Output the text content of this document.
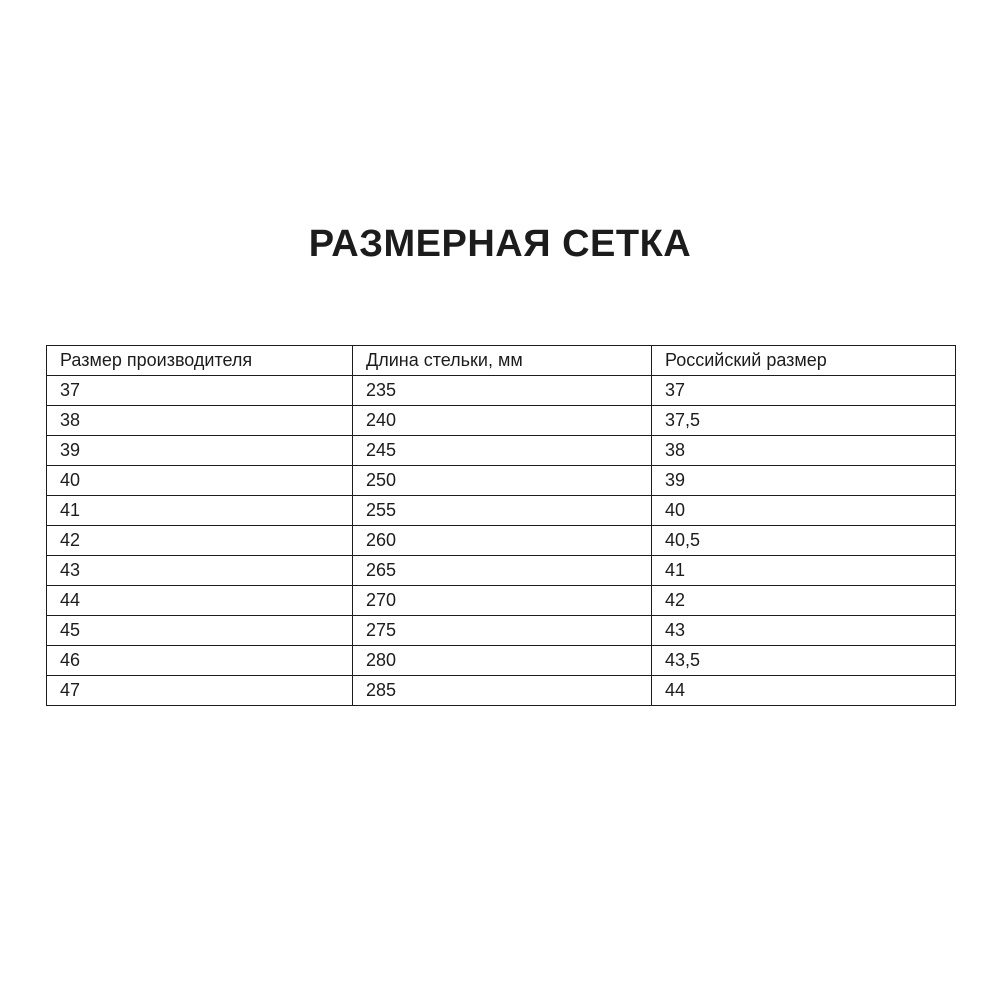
РАЗМЕРНАЯ СЕТКА
Размер производителя	Длина стельки, мм	Российский размер
37	235	37
38	240	37,5
39	245	38
40	250	39
41	255	40
42	260	40,5
43	265	41
44	270	42
45	275	43
46	280	43,5
47	285	44
